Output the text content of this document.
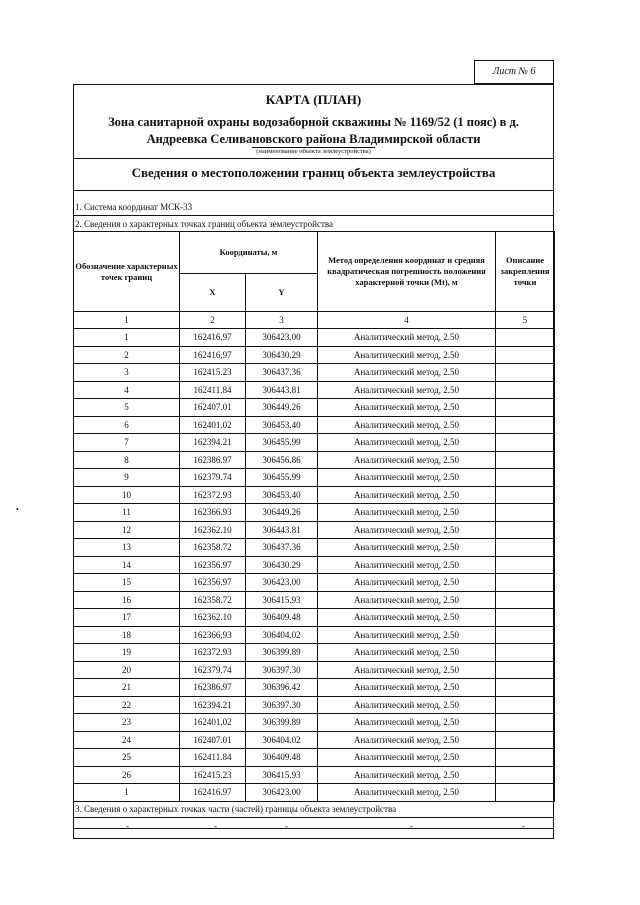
Лист № 6
КАРТА (ПЛАН)
Зона санитарной охраны водозаборной скважины № 1169/52 (1 пояс) в д.
Андреевка Селивановского района Владимирской области
(наименование объекта землеустройства)
Сведения о местоположении границ объекта землеустройства
1. Система координат МСК-33
2. Сведения о характерных точках границ объекта землеустройства
Обозначение характерных точек границ	Координаты, м		Метод определения координат и средняя квадратическая погрешность положения характерной точки (Mt), м	Описание закрепления точки
	X	Y		
1	2	3	4	5
1	162416.97	306423.00	Аналитический метод, 2.50	
2	162416.97	306430.29	Аналитический метод, 2.50	
3	162415.23	306437.36	Аналитический метод, 2.50	
4	162411.84	306443.81	Аналитический метод, 2.50	
5	162407.01	306449.26	Аналитический метод, 2.50	
6	162401.02	306453.40	Аналитический метод, 2.50	
7	162394.21	306455.99	Аналитический метод, 2.50	
8	162386.97	306456.86	Аналитический метод, 2.50	
9	162379.74	306455.99	Аналитический метод, 2.50	
10	162372.93	306453.40	Аналитический метод, 2.50	
11	162366.93	306449.26	Аналитический метод, 2.50	
12	162362.10	306443.81	Аналитический метод, 2.50	
13	162358.72	306437.36	Аналитический метод, 2.50	
14	162356.97	306430.29	Аналитический метод, 2.50	
15	162356.97	306423.00	Аналитический метод, 2.50	
16	162358.72	306415.93	Аналитический метод, 2.50	
17	162362.10	306409.48	Аналитический метод, 2.50	
18	162366.93	306404.02	Аналитический метод, 2.50	
19	162372.93	306399.89	Аналитический метод, 2.50	
20	162379.74	306397.30	Аналитический метод, 2.50	
21	162386.97	306396.42	Аналитический метод, 2.50	
22	162394.21	306397.30	Аналитический метод, 2.50	
23	162401.02	306399.89	Аналитический метод, 2.50	
24	162407.01	306404.02	Аналитический метод, 2.50	
25	162411.84	306409.48	Аналитический метод, 2.50	
26	162415.23	306415.93	Аналитический метод, 2.50	
1	162416.97	306423.00	Аналитический метод, 2.50	
3. Сведения о характерных точках части (частей) границы объекта землеустройства
-	-	-	-	-
•
